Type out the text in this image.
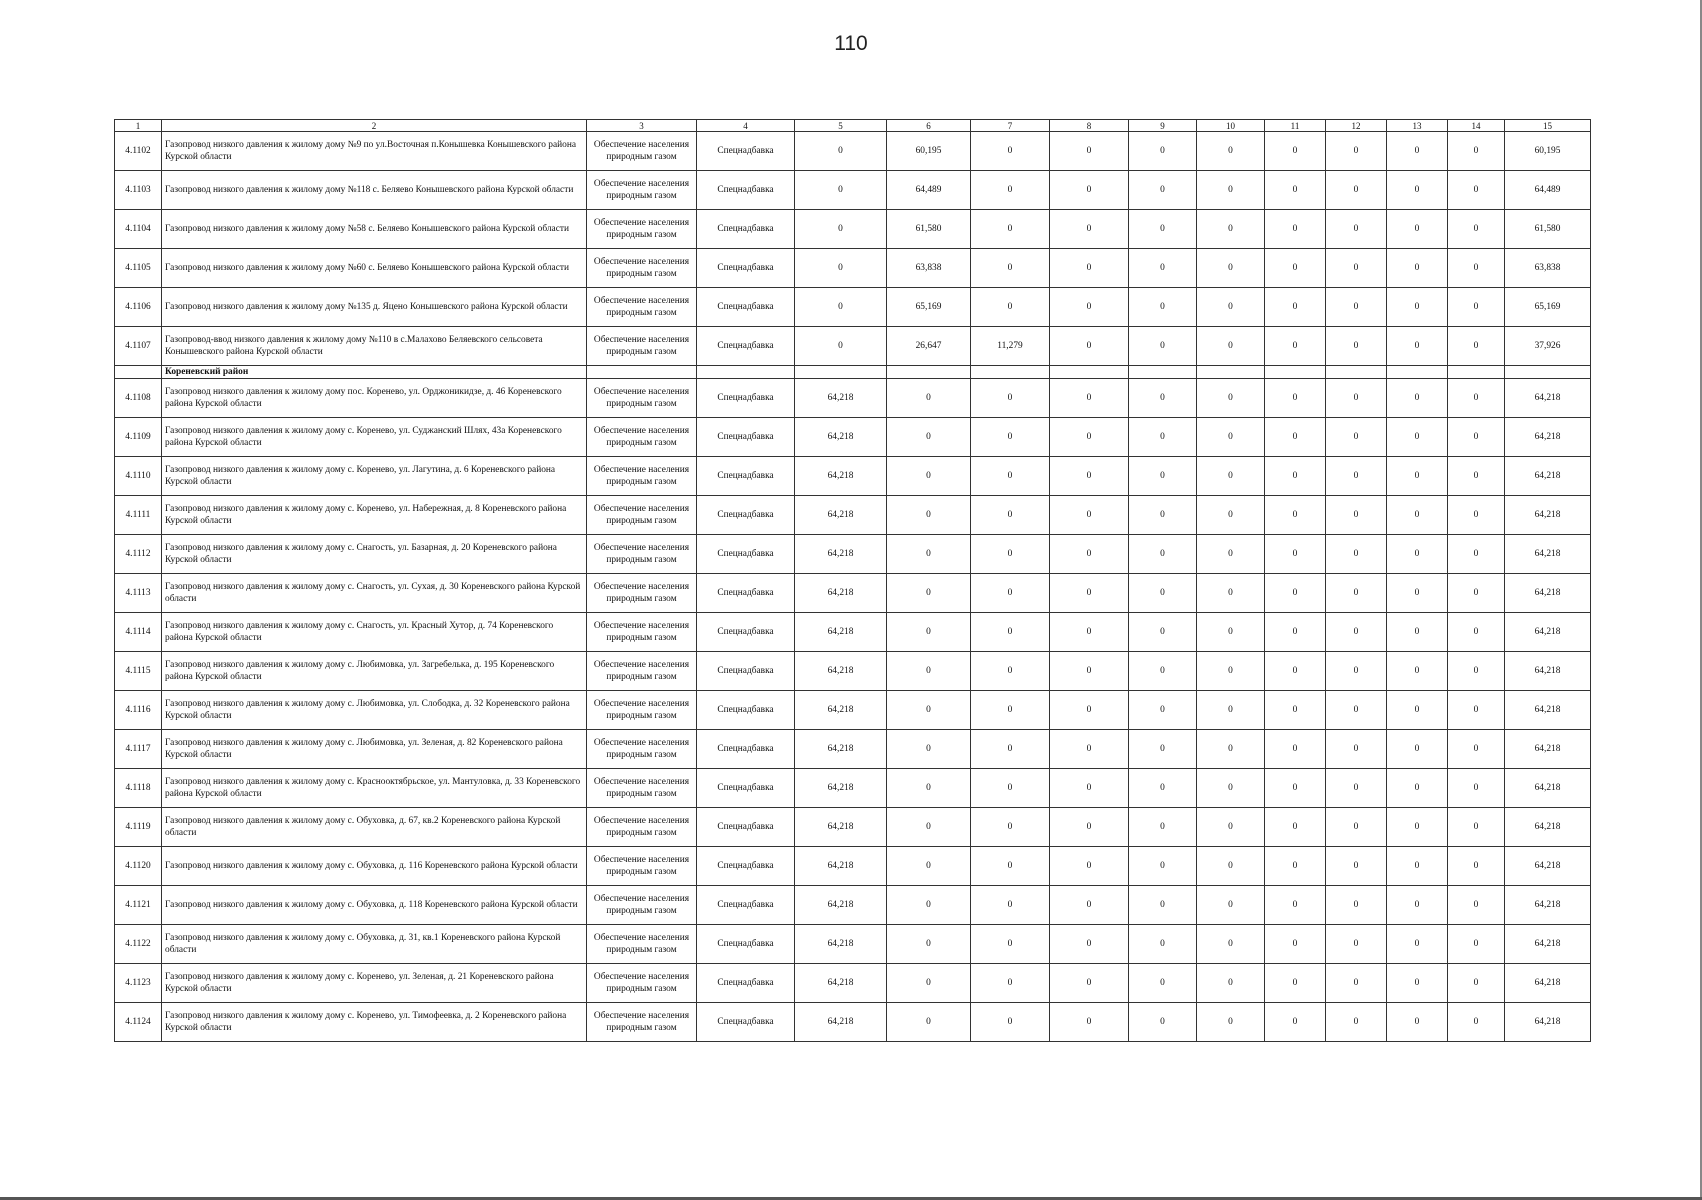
110
1	2	3	4	5	6	7	8	9	10	11	12	13	14	15
4.1102	Газопровод низкого давления к жилому дому №9 по ул.Восточная п.Конышевка Конышевского района Курской области	Обеспечение населения природным газом	Спецнадбавка	0	60,195	0	0	0	0	0	0	0	0	60,195
4.1103	Газопровод низкого давления к жилому дому №118 с. Беляево Конышевского района Курской области	Обеспечение населения природным газом	Спецнадбавка	0	64,489	0	0	0	0	0	0	0	0	64,489
4.1104	Газопровод низкого давления к жилому дому №58 с. Беляево Конышевского района Курской области	Обеспечение населения природным газом	Спецнадбавка	0	61,580	0	0	0	0	0	0	0	0	61,580
4.1105	Газопровод низкого давления к жилому дому №60 с. Беляево Конышевского района Курской области	Обеспечение населения природным газом	Спецнадбавка	0	63,838	0	0	0	0	0	0	0	0	63,838
4.1106	Газопровод низкого давления к жилому дому №135 д. Яцено Конышевского района Курской области	Обеспечение населения природным газом	Спецнадбавка	0	65,169	0	0	0	0	0	0	0	0	65,169
4.1107	Газопровод-ввод низкого давления к жилому дому №110 в с.Малахово Беляевского сельсовета Конышевского района Курской области	Обеспечение населения природным газом	Спецнадбавка	0	26,647	11,279	0	0	0	0	0	0	0	37,926
	Кореневский район													
4.1108	Газопровод низкого давления к жилому дому пос. Коренево, ул. Орджоникидзе, д. 46 Кореневского района Курской области	Обеспечение населения природным газом	Спецнадбавка	64,218	0	0	0	0	0	0	0	0	0	64,218
4.1109	Газопровод низкого давления к жилому дому с. Коренево, ул. Суджанский Шлях, 43а Кореневского района Курской области	Обеспечение населения природным газом	Спецнадбавка	64,218	0	0	0	0	0	0	0	0	0	64,218
4.1110	Газопровод низкого давления к жилому дому с. Коренево, ул. Лагутина, д. 6 Кореневского района Курской области	Обеспечение населения природным газом	Спецнадбавка	64,218	0	0	0	0	0	0	0	0	0	64,218
4.1111	Газопровод низкого давления к жилому дому с. Коренево, ул. Набережная, д. 8 Кореневского района Курской области	Обеспечение населения природным газом	Спецнадбавка	64,218	0	0	0	0	0	0	0	0	0	64,218
4.1112	Газопровод низкого давления к жилому дому с. Снагость, ул. Базарная, д. 20 Кореневского района Курской области	Обеспечение населения природным газом	Спецнадбавка	64,218	0	0	0	0	0	0	0	0	0	64,218
4.1113	Газопровод низкого давления к жилому дому с. Снагость, ул. Сухая, д. 30 Кореневского района Курской области	Обеспечение населения природным газом	Спецнадбавка	64,218	0	0	0	0	0	0	0	0	0	64,218
4.1114	Газопровод низкого давления к жилому дому с. Снагость, ул. Красный Хутор, д. 74 Кореневского района Курской области	Обеспечение населения природным газом	Спецнадбавка	64,218	0	0	0	0	0	0	0	0	0	64,218
4.1115	Газопровод низкого давления к жилому дому с. Любимовка, ул. Загребелька, д. 195 Кореневского района Курской области	Обеспечение населения природным газом	Спецнадбавка	64,218	0	0	0	0	0	0	0	0	0	64,218
4.1116	Газопровод низкого давления к жилому дому с. Любимовка, ул. Слободка, д. 32 Кореневского района Курской области	Обеспечение населения природным газом	Спецнадбавка	64,218	0	0	0	0	0	0	0	0	0	64,218
4.1117	Газопровод низкого давления к жилому дому с. Любимовка, ул. Зеленая, д. 82 Кореневского района Курской области	Обеспечение населения природным газом	Спецнадбавка	64,218	0	0	0	0	0	0	0	0	0	64,218
4.1118	Газопровод низкого давления к жилому дому с. Краснооктябрьское, ул. Мантуловка, д. 33 Кореневского района Курской области	Обеспечение населения природным газом	Спецнадбавка	64,218	0	0	0	0	0	0	0	0	0	64,218
4.1119	Газопровод низкого давления к жилому дому с. Обуховка, д. 67, кв.2 Кореневского района Курской области	Обеспечение населения природным газом	Спецнадбавка	64,218	0	0	0	0	0	0	0	0	0	64,218
4.1120	Газопровод низкого давления к жилому дому с. Обуховка, д. 116 Кореневского района Курской области	Обеспечение населения природным газом	Спецнадбавка	64,218	0	0	0	0	0	0	0	0	0	64,218
4.1121	Газопровод низкого давления к жилому дому с. Обуховка, д. 118 Кореневского района Курской области	Обеспечение населения природным газом	Спецнадбавка	64,218	0	0	0	0	0	0	0	0	0	64,218
4.1122	Газопровод низкого давления к жилому дому с. Обуховка, д. 31, кв.1 Кореневского района Курской области	Обеспечение населения природным газом	Спецнадбавка	64,218	0	0	0	0	0	0	0	0	0	64,218
4.1123	Газопровод низкого давления к жилому дому с. Коренево, ул. Зеленая, д. 21 Кореневского района Курской области	Обеспечение населения природным газом	Спецнадбавка	64,218	0	0	0	0	0	0	0	0	0	64,218
4.1124	Газопровод низкого давления к жилому дому с. Коренево, ул. Тимофеевка, д. 2 Кореневского района Курской области	Обеспечение населения природным газом	Спецнадбавка	64,218	0	0	0	0	0	0	0	0	0	64,218
